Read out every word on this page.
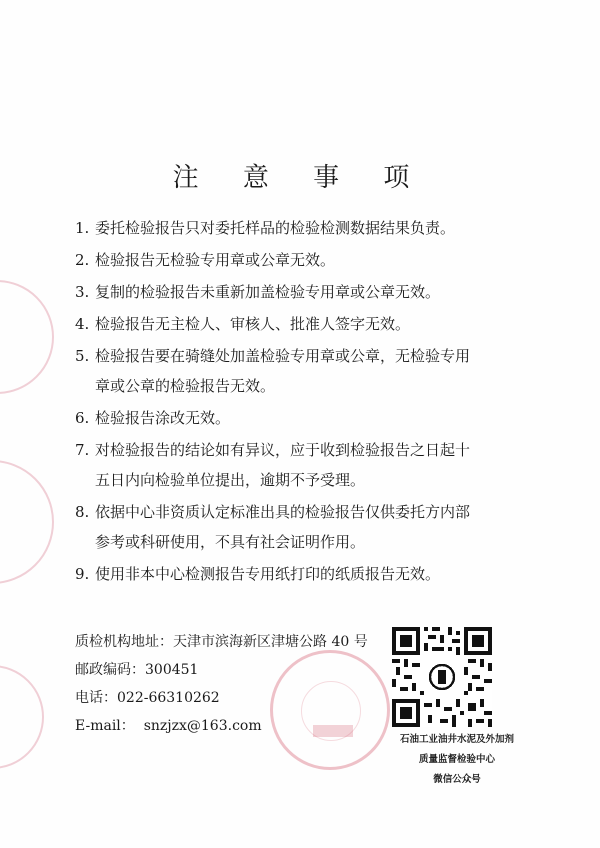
注 意 事 项
1. 委托检验报告只对委托样品的检验检测数据结果负责。
2. 检验报告无检验专用章或公章无效。
3. 复制的检验报告未重新加盖检验专用章或公章无效。
4. 检验报告无主检人、审核人、批准人签字无效。
5. 检验报告要在骑缝处加盖检验专用章或公章，无检验专用
章或公章的检验报告无效。
6. 检验报告涂改无效。
7. 对检验报告的结论如有异议，应于收到检验报告之日起十
五日内向检验单位提出，逾期不予受理。
8. 依据中心非资质认定标准出具的检验报告仅供委托方内部
参考或科研使用，不具有社会证明作用。
9. 使用非本中心检测报告专用纸打印的纸质报告无效。
质检机构地址：天津市滨海新区津塘公路 40 号
邮政编码：300451
电话：022-66310262
E-mail： snzjzx@163.com
石油工业油井水泥及外加剂
质量监督检验中心
微信公众号
